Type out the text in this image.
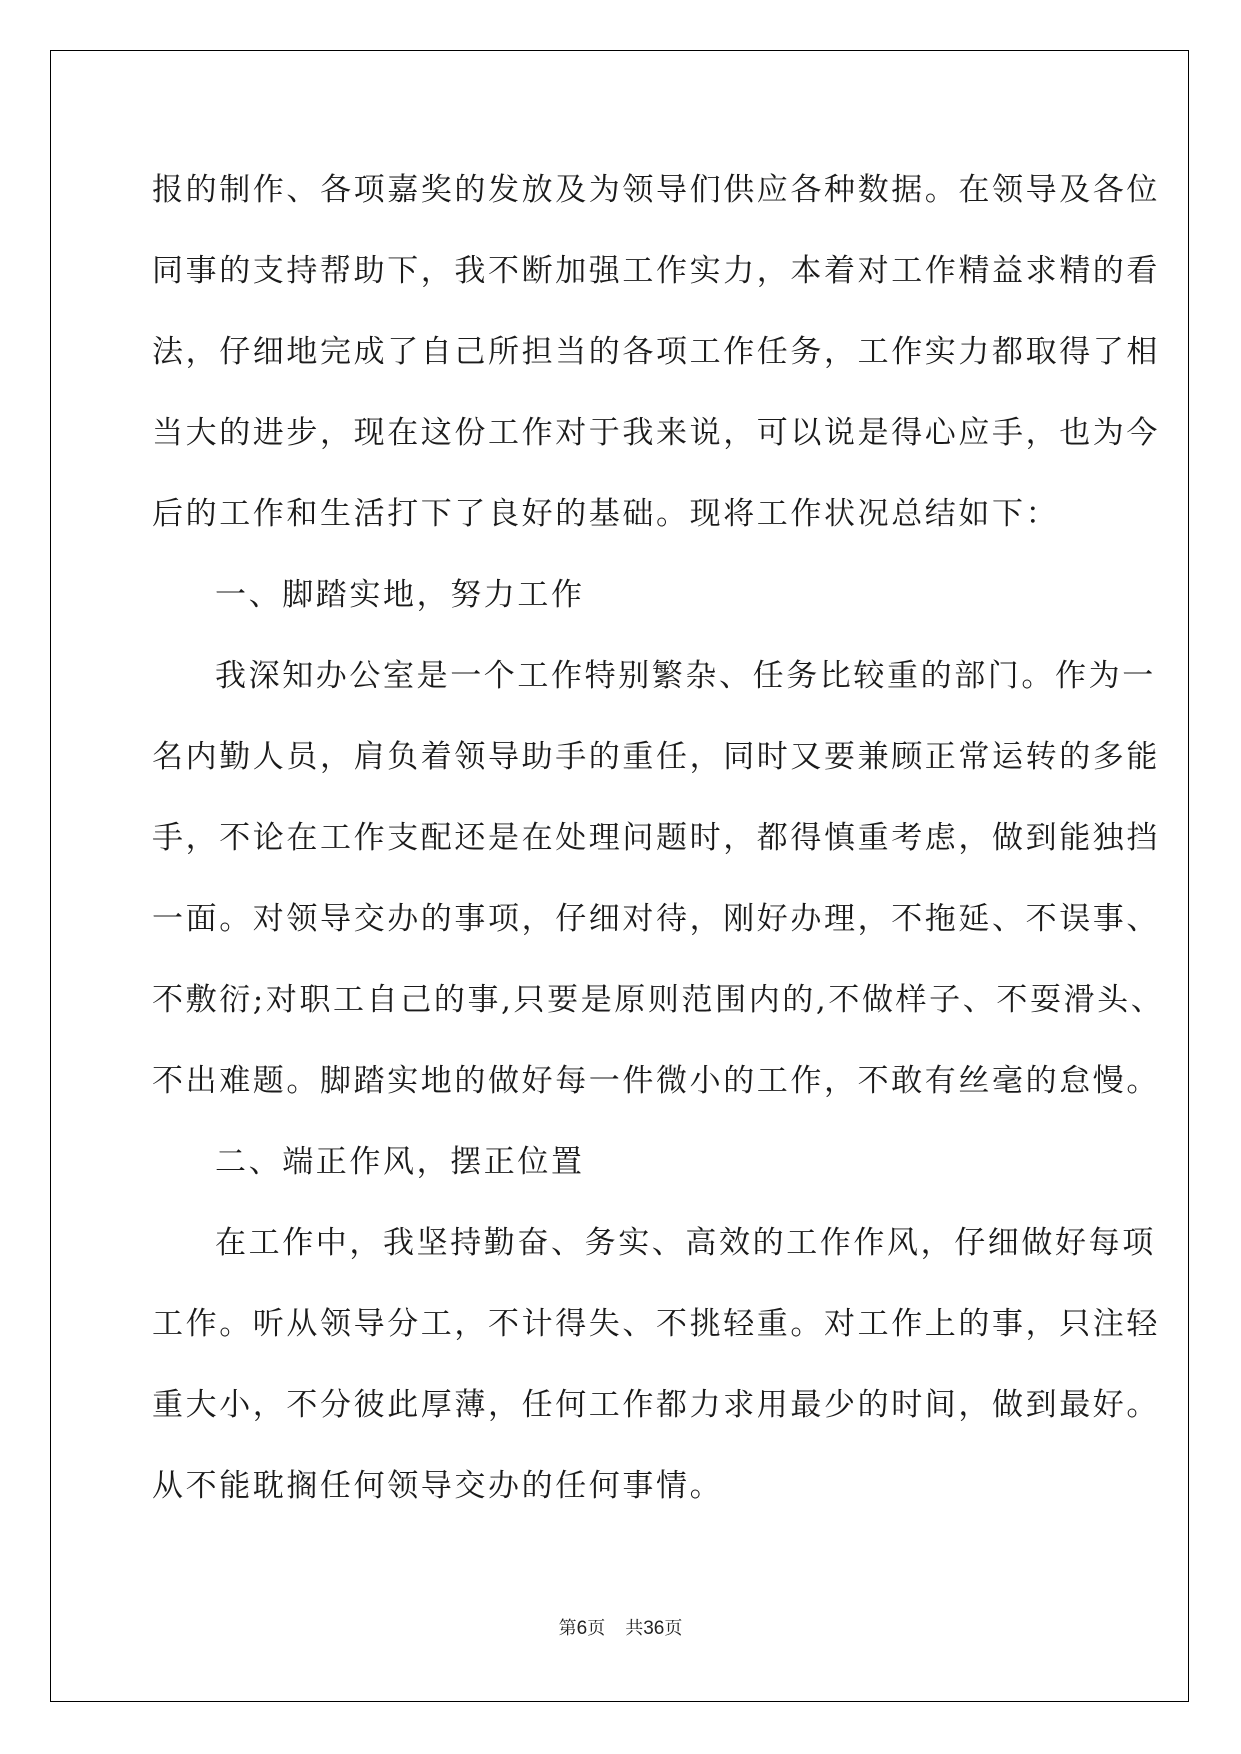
报的制作、各项嘉奖的发放及为领导们供应各种数据。在领导及各位
同事的支持帮助下，我不断加强工作实力，本着对工作精益求精的看
法，仔细地完成了自己所担当的各项工作任务，工作实力都取得了相
当大的进步，现在这份工作对于我来说，可以说是得心应手，也为今
后的工作和生活打下了良好的基础。现将工作状况总结如下：
一、脚踏实地，努力工作
我深知办公室是一个工作特别繁杂、任务比较重的部门。作为一
名内勤人员，肩负着领导助手的重任，同时又要兼顾正常运转的多能
手，不论在工作支配还是在处理问题时，都得慎重考虑，做到能独挡
一面。对领导交办的事项，仔细对待，刚好办理，不拖延、不误事、
不敷衍;对职工自己的事,只要是原则范围内的,不做样子、不耍滑头、
不出难题。脚踏实地的做好每一件微小的工作，不敢有丝毫的怠慢。
二、端正作风，摆正位置
在工作中，我坚持勤奋、务实、高效的工作作风，仔细做好每项
工作。听从领导分工，不计得失、不挑轻重。对工作上的事，只注轻
重大小，不分彼此厚薄，任何工作都力求用最少的时间，做到最好。
从不能耽搁任何领导交办的任何事情。
第6页 共36页
